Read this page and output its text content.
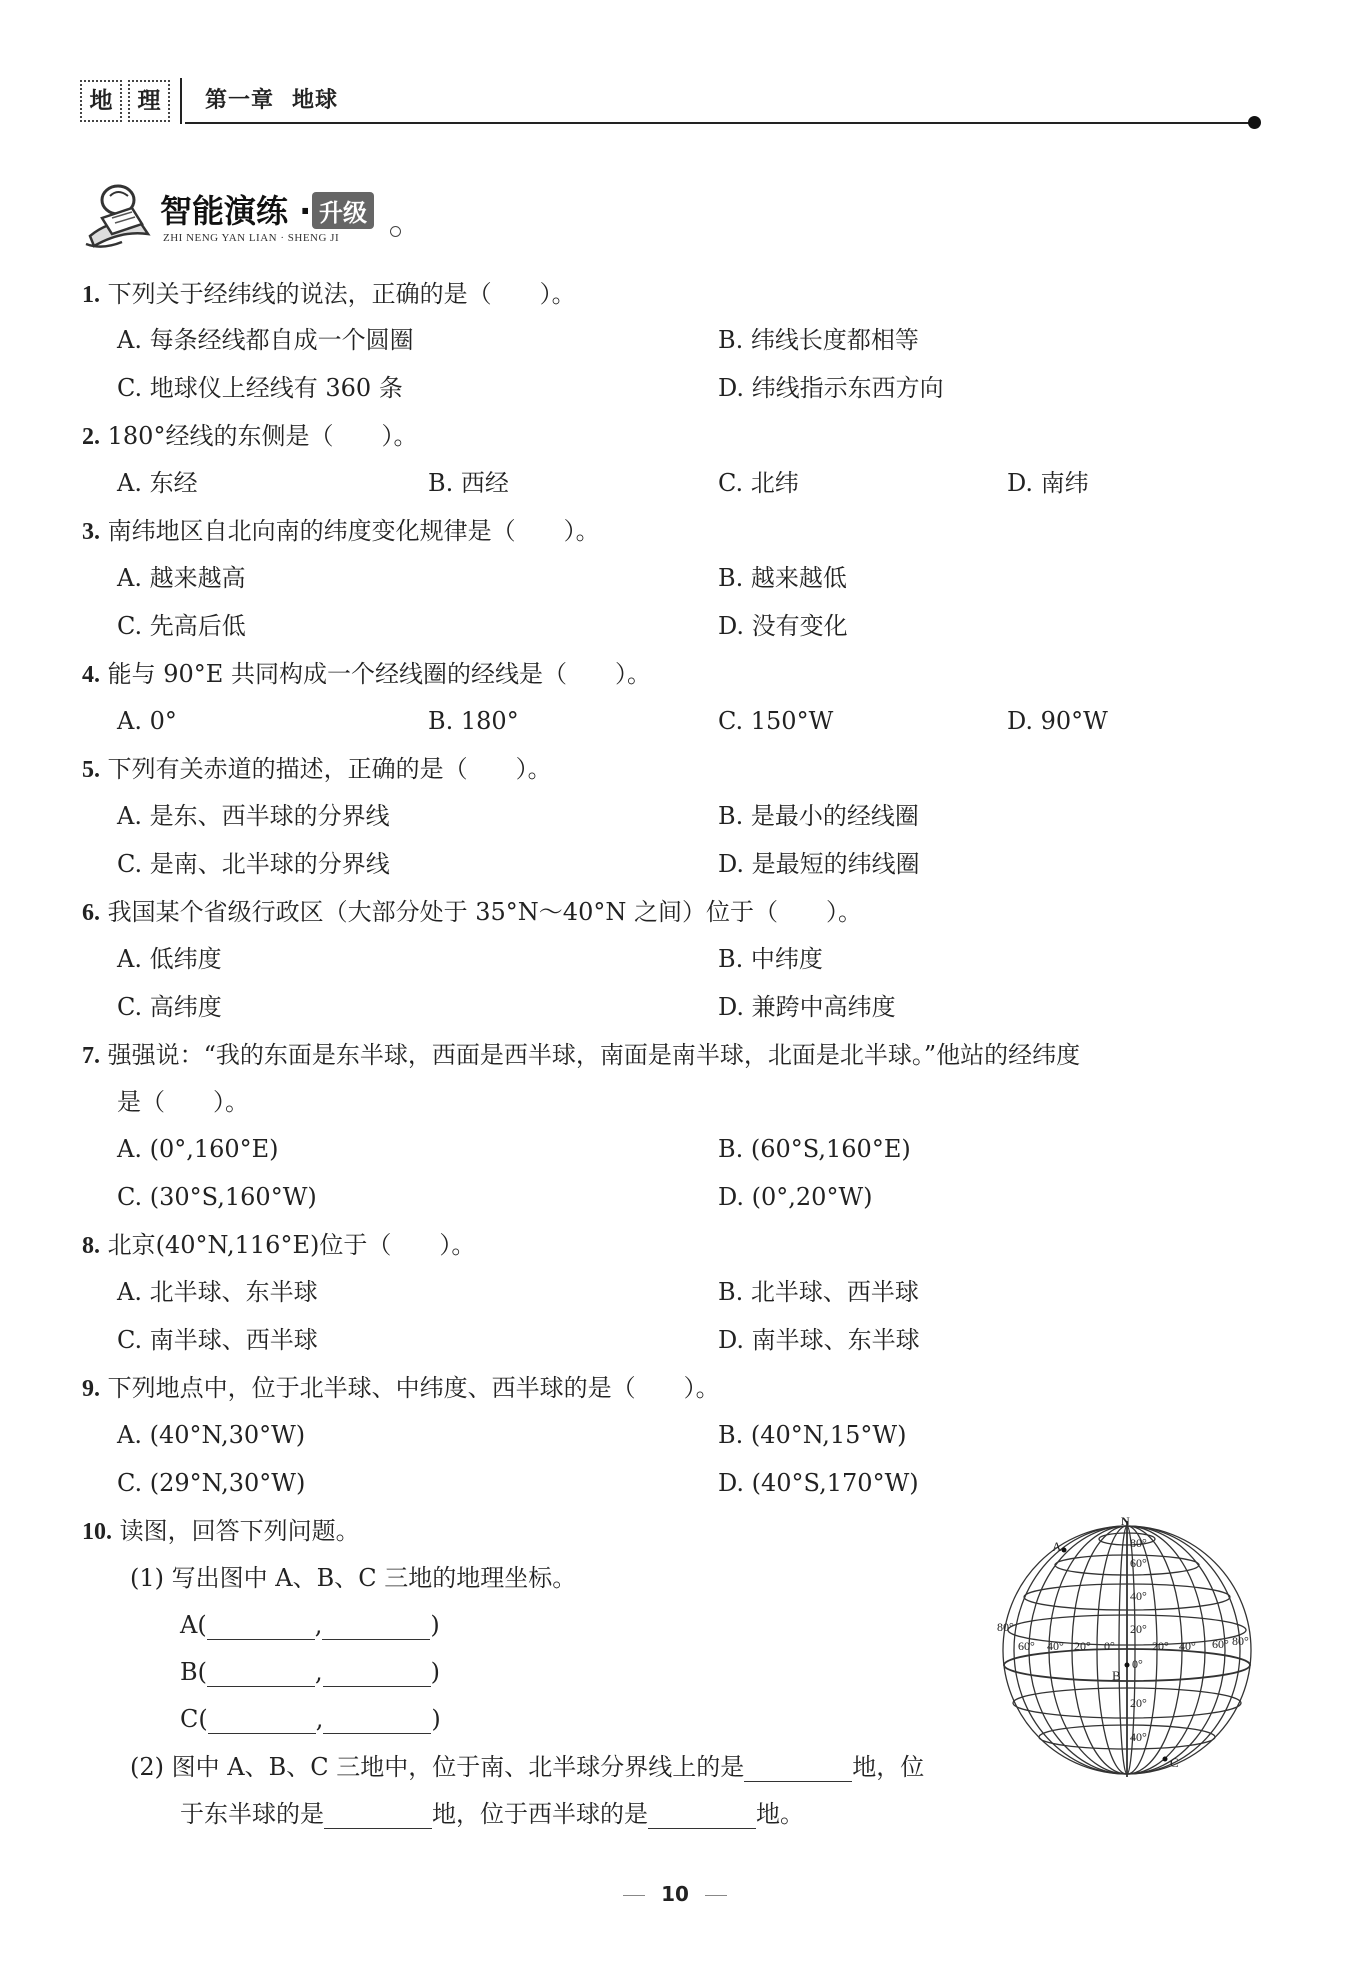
地	理	第一章 地球
智能演练 · 升级
ZHI NENG YAN LIAN · SHENG JI
1. 下列关于经纬线的说法，正确的是（　　）。
A. 每条经线都自成一个圆圈	B. 纬线长度都相等
C. 地球仪上经线有 360 条	D. 纬线指示东西方向
2. 180°经线的东侧是（　　）。
A. 东经	B. 西经	C. 北纬	D. 南纬
3. 南纬地区自北向南的纬度变化规律是（　　）。
A. 越来越高	B. 越来越低
C. 先高后低	D. 没有变化
4. 能与 90°E 共同构成一个经线圈的经线是（　　）。
A. 0°	B. 180°	C. 150°W	D. 90°W
5. 下列有关赤道的描述，正确的是（　　）。
A. 是东、西半球的分界线	B. 是最小的经线圈
C. 是南、北半球的分界线	D. 是最短的纬线圈
6. 我国某个省级行政区（大部分处于 35°N～40°N 之间）位于（　　）。
A. 低纬度	B. 中纬度
C. 高纬度	D. 兼跨中高纬度
7. 强强说：“我的东面是东半球，西面是西半球，南面是南半球，北面是北半球。”他站的经纬度
是（　　）。
A. (0°,160°E)	B. (60°S,160°E)
C. (30°S,160°W)	D. (0°,20°W)
8. 北京(40°N,116°E)位于（　　）。
A. 北半球、东半球	B. 北半球、西半球
C. 南半球、西半球	D. 南半球、东半球
9. 下列地点中，位于北半球、中纬度、西半球的是（　　）。
A. (40°N,30°W)	B. (40°N,15°W)
C. (29°N,30°W)	D. (40°S,170°W)
10. 读图，回答下列问题。
(1) 写出图中 A、B、C 三地的地理坐标。
A(	,	)
B(	,	)
C(	,	)
(2) 图中 A、B、C 三地中，位于南、北半球分界线上的是	地，位
于东半球的是	地，位于西半球的是	地。
N
80°
60°
40°
20°
0°
20°
40°
80°
60° 40° 20° 0°	20° 40° 60° 80°
A
B
C
10
